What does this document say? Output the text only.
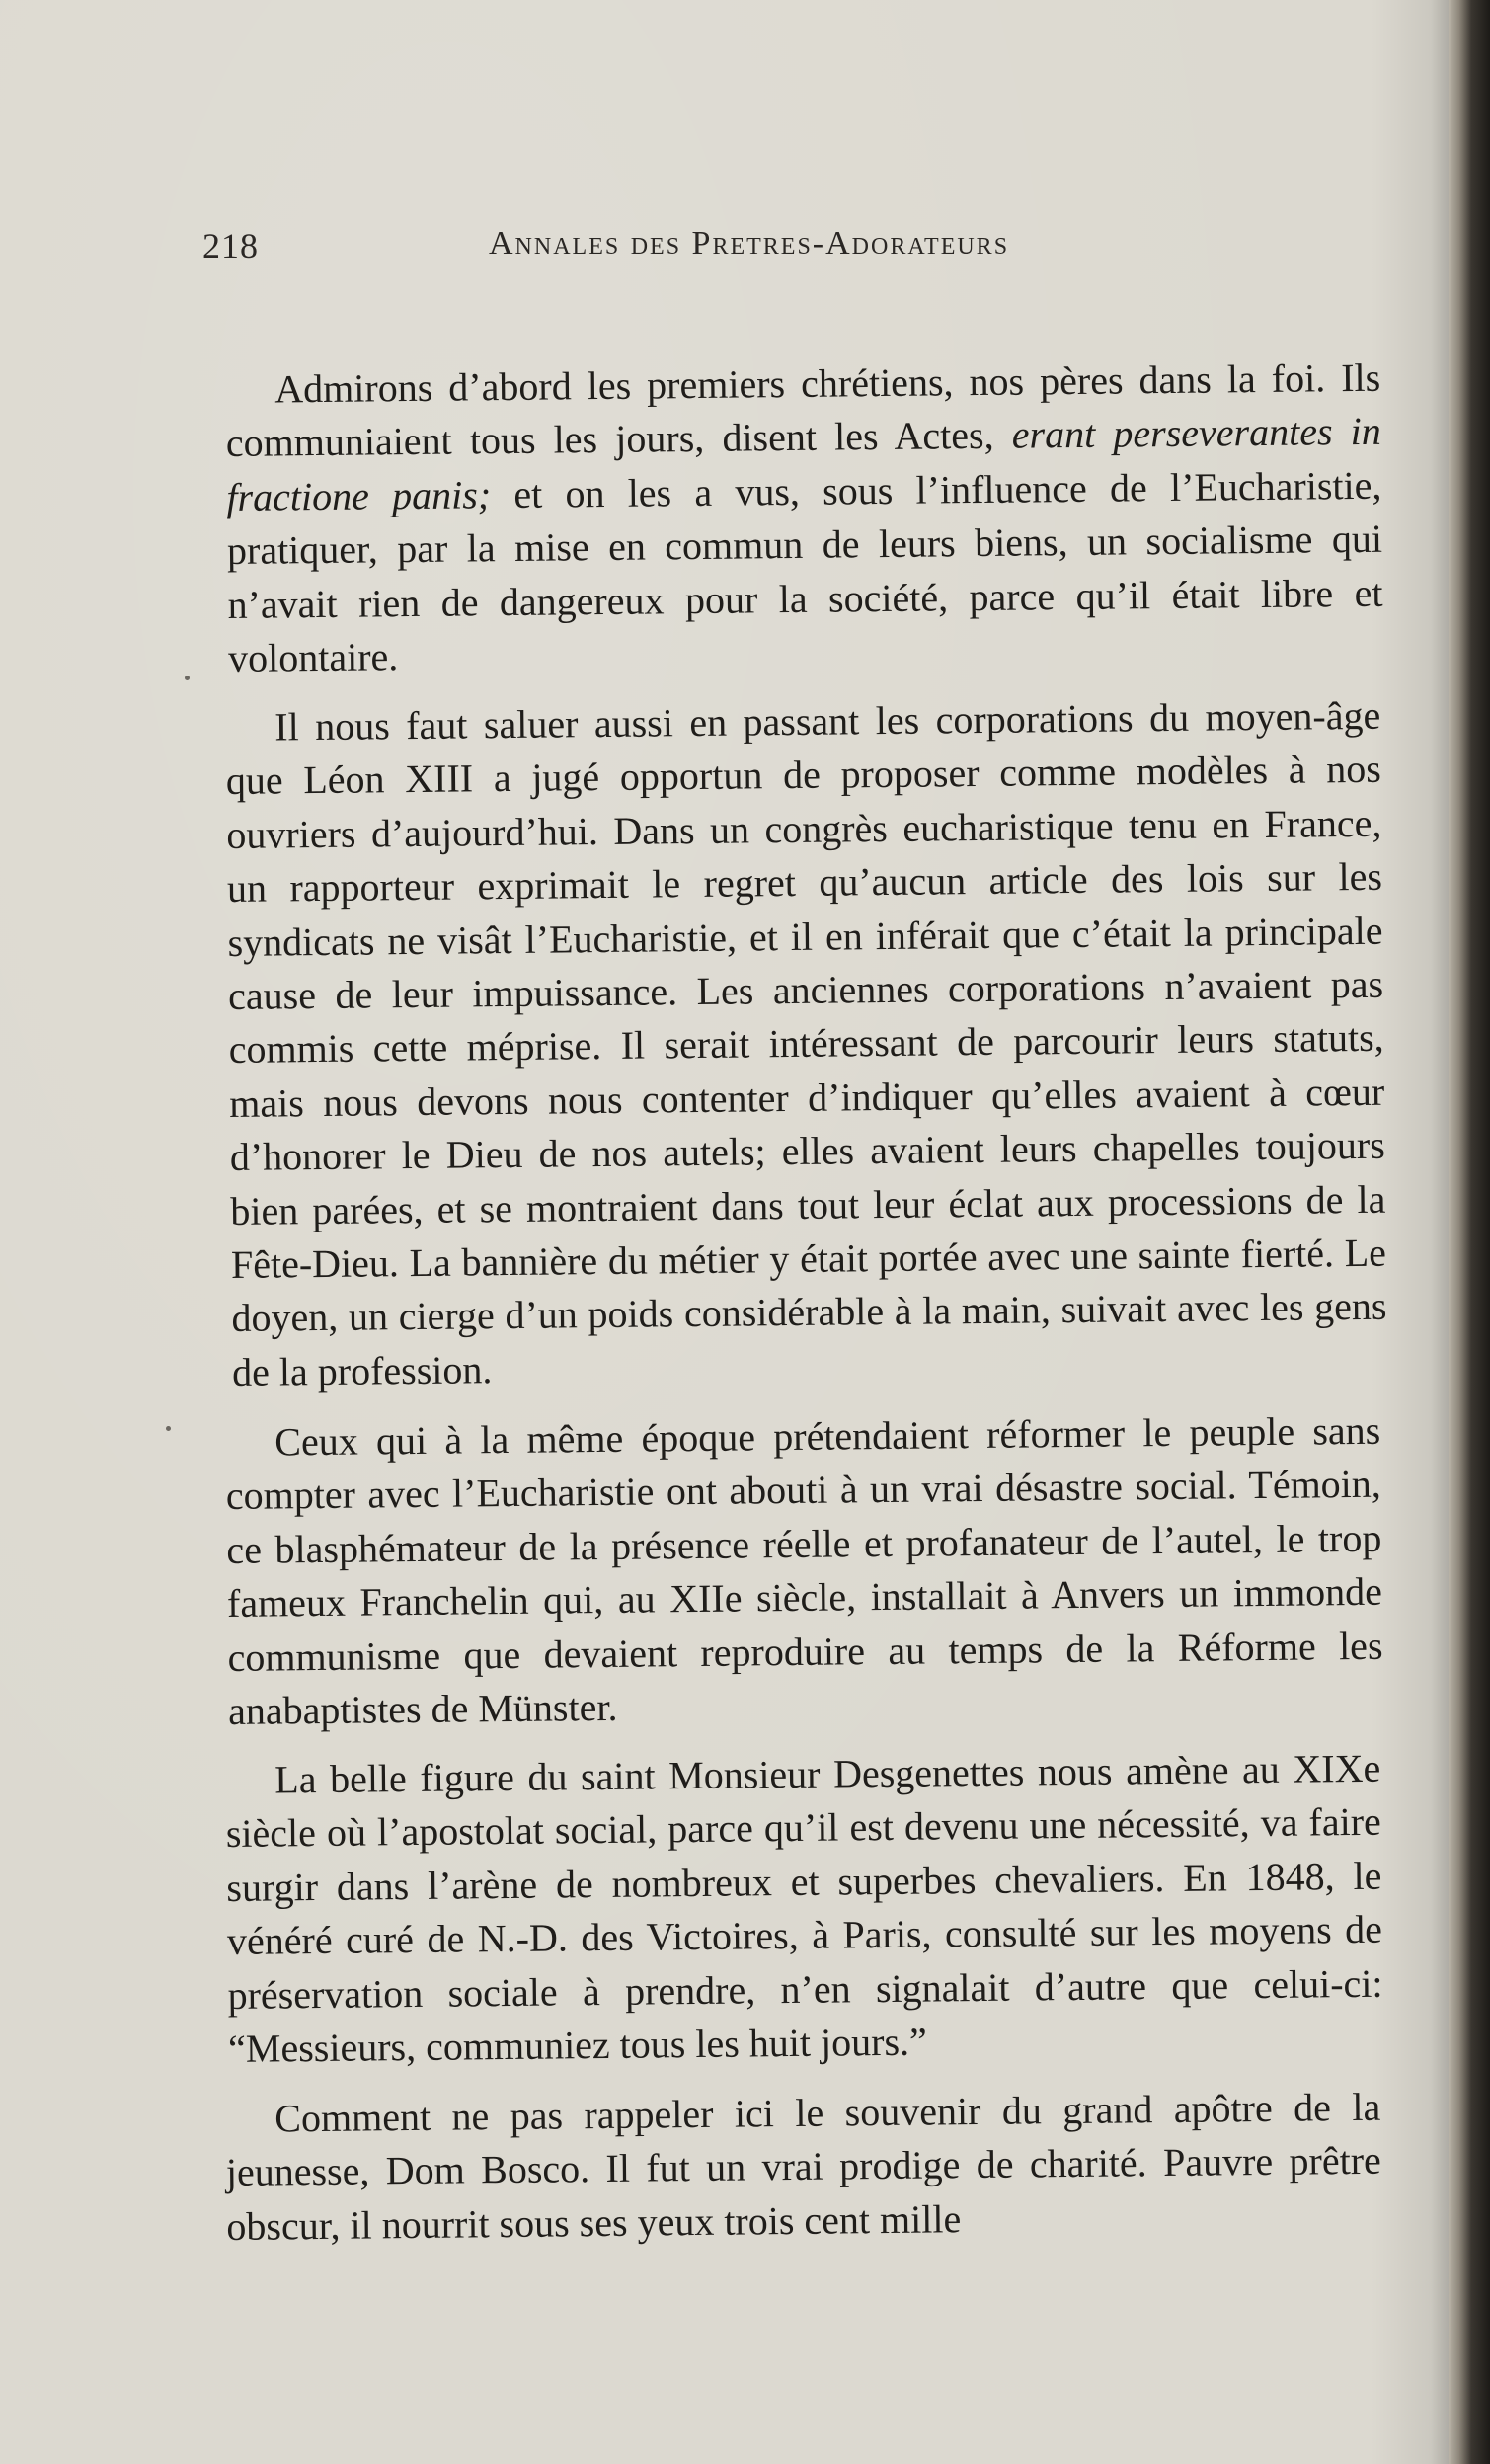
218	Annales des Pretres-Adorateurs

Admirons d’abord les premiers chrétiens, nos pères dans la foi. Ils communiaient tous les jours, disent les Actes, erant perseverantes in fractione panis; et on les a vus, sous l’influence de l’Eucharistie, pratiquer, par la mise en commun de leurs biens, un socialisme qui n’avait rien de dangereux pour la société, parce qu’il était libre et volontaire.

Il nous faut saluer aussi en passant les corporations du moyen-âge que Léon XIII a jugé opportun de proposer comme modèles à nos ouvriers d’aujourd’hui. Dans un congrès eucharistique tenu en France, un rapporteur exprimait le regret qu’aucun article des lois sur les syndicats ne visât l’Eucharistie, et il en inférait que c’était la principale cause de leur impuissance. Les anciennes corporations n’avaient pas commis cette méprise. Il serait intéressant de parcourir leurs statuts, mais nous devons nous contenter d’indiquer qu’elles avaient à cœur d’honorer le Dieu de nos autels; elles avaient leurs chapelles toujours bien parées, et se montraient dans tout leur éclat aux processions de la Fête-Dieu. La bannière du métier y était portée avec une sainte fierté. Le doyen, un cierge d’un poids considérable à la main, suivait avec les gens de la profession.

Ceux qui à la même époque prétendaient réformer le peuple sans compter avec l’Eucharistie ont abouti à un vrai désastre social. Témoin, ce blasphémateur de la présence réelle et profanateur de l’autel, le trop fameux Franchelin qui, au XIIe siècle, installait à Anvers un immonde communisme que devaient reproduire au temps de la Réforme les anabaptistes de Münster.

La belle figure du saint Monsieur Desgenettes nous amène au XIXe siècle où l’apostolat social, parce qu’il est devenu une nécessité, va faire surgir dans l’arène de nombreux et superbes chevaliers. En 1848, le vénéré curé de N.-D. des Victoires, à Paris, consulté sur les moyens de préservation sociale à prendre, n’en signalait d’autre que celui-ci: “Messieurs, communiez tous les huit jours.”

Comment ne pas rappeler ici le souvenir du grand apôtre de la jeunesse, Dom Bosco. Il fut un vrai prodige de charité. Pauvre prêtre obscur, il nourrit sous ses yeux trois cent mille
